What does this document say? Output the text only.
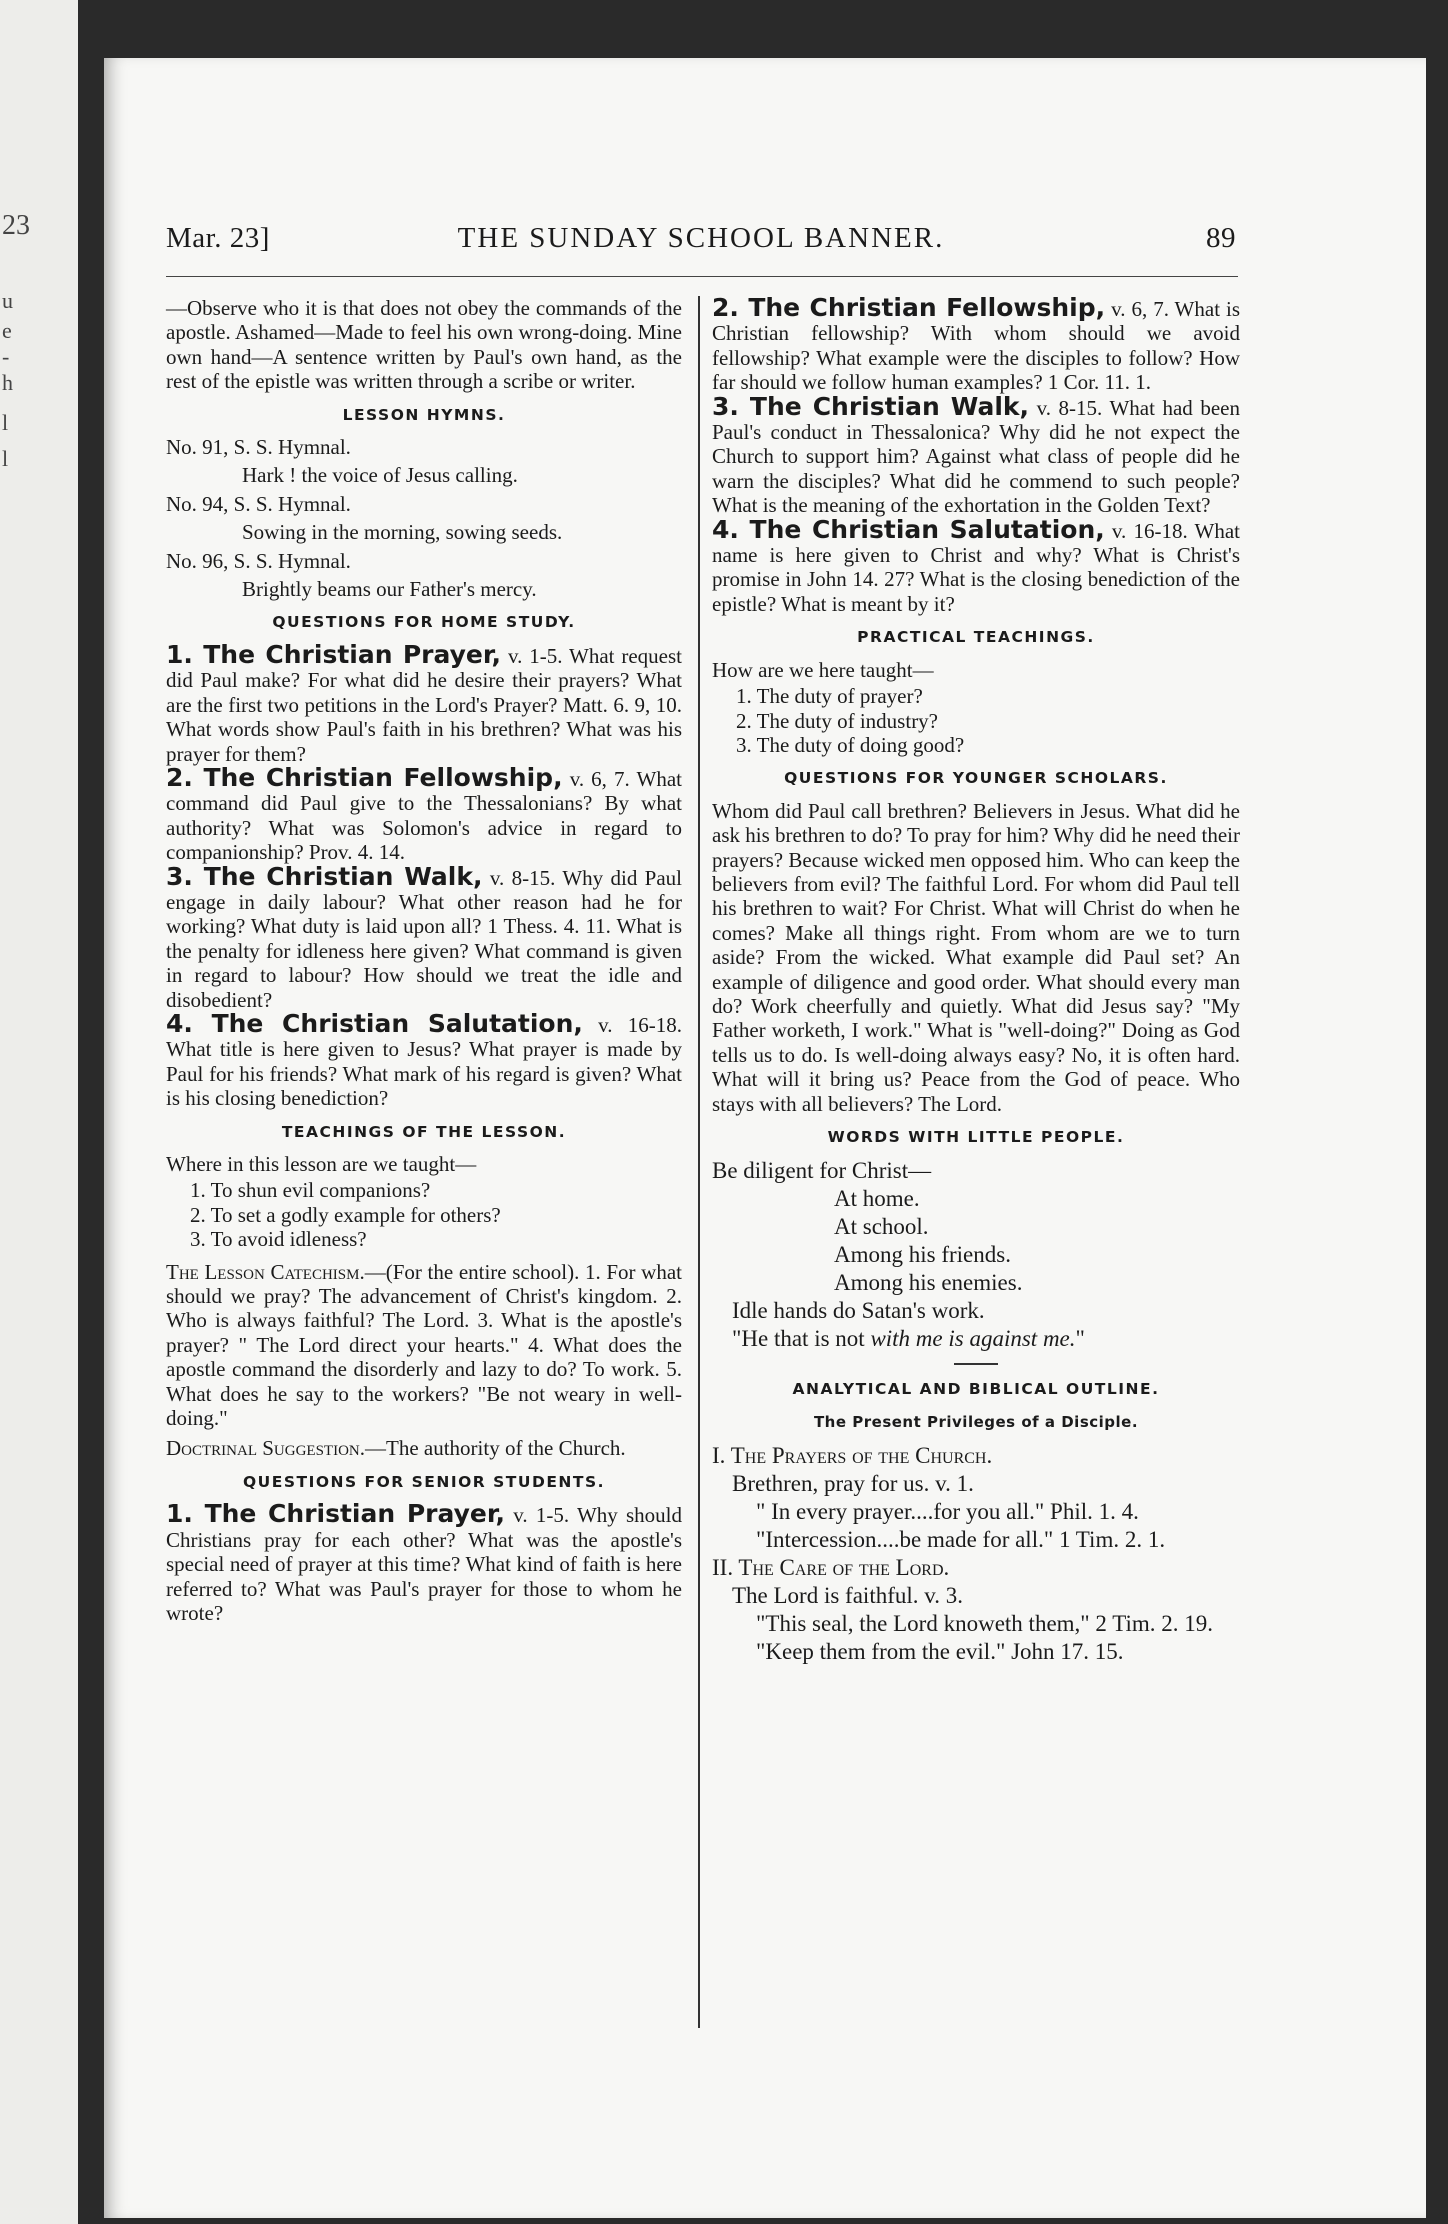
23
u
e
-
h
l
l
Mar. 23]	THE SUNDAY SCHOOL BANNER.	89

—Observe who it is that does not obey the commands of the apostle. Ashamed—Made to feel his own wrong-doing. Mine own hand—A sentence written by Paul's own hand, as the rest of the epistle was written through a scribe or writer.

LESSON HYMNS.

No. 91, S. S. Hymnal.

Hark ! the voice of Jesus calling.

No. 94, S. S. Hymnal.

Sowing in the morning, sowing seeds.

No. 96, S. S. Hymnal.

Brightly beams our Father's mercy.

QUESTIONS FOR HOME STUDY.

1. The Christian Prayer, v. 1-5. What request did Paul make? For what did he desire their prayers? What are the first two petitions in the Lord's Prayer? Matt. 6. 9, 10. What words show Paul's faith in his brethren? What was his prayer for them?

2. The Christian Fellowship, v. 6, 7. What command did Paul give to the Thessalonians? By what authority? What was Solomon's advice in regard to companionship? Prov. 4. 14.

3. The Christian Walk, v. 8-15. Why did Paul engage in daily labour? What other reason had he for working? What duty is laid upon all? 1 Thess. 4. 11. What is the penalty for idleness here given? What command is given in regard to labour? How should we treat the idle and disobedient?

4. The Christian Salutation, v. 16-18. What title is here given to Jesus? What prayer is made by Paul for his friends? What mark of his regard is given? What is his closing benediction?

TEACHINGS OF THE LESSON.

Where in this lesson are we taught—

1. To shun evil companions?
2. To set a godly example for others?
3. To avoid idleness?

The Lesson Catechism.—(For the entire school). 1. For what should we pray? The advancement of Christ's kingdom. 2. Who is always faithful? The Lord. 3. What is the apostle's prayer? " The Lord direct your hearts." 4. What does the apostle command the disorderly and lazy to do? To work. 5. What does he say to the workers? "Be not weary in well-doing."

Doctrinal Suggestion.—The authority of the Church.

QUESTIONS FOR SENIOR STUDENTS.

1. The Christian Prayer, v. 1-5. Why should Christians pray for each other? What was the apostle's special need of prayer at this time? What kind of faith is here referred to? What was Paul's prayer for those to whom he wrote?

2. The Christian Fellowship, v. 6, 7. What is Christian fellowship? With whom should we avoid fellowship? What example were the disciples to follow? How far should we follow human examples? 1 Cor. 11. 1.

3. The Christian Walk, v. 8-15. What had been Paul's conduct in Thessalonica? Why did he not expect the Church to support him? Against what class of people did he warn the disciples? What did he commend to such people? What is the meaning of the exhortation in the Golden Text?

4. The Christian Salutation, v. 16-18. What name is here given to Christ and why? What is Christ's promise in John 14. 27? What is the closing benediction of the epistle? What is meant by it?

PRACTICAL TEACHINGS.

How are we here taught—

1. The duty of prayer?
2. The duty of industry?
3. The duty of doing good?
QUESTIONS FOR YOUNGER SCHOLARS.

Whom did Paul call brethren? Believers in Jesus. What did he ask his brethren to do? To pray for him? Why did he need their prayers? Because wicked men opposed him. Who can keep the believers from evil? The faithful Lord. For whom did Paul tell his brethren to wait? For Christ. What will Christ do when he comes? Make all things right. From whom are we to turn aside? From the wicked. What example did Paul set? An example of diligence and good order. What should every man do? Work cheerfully and quietly. What did Jesus say? "My Father worketh, I work." What is "well-doing?" Doing as God tells us to do. Is well-doing always easy? No, it is often hard. What will it bring us? Peace from the God of peace. Who stays with all believers? The Lord.

WORDS WITH LITTLE PEOPLE.

Be diligent for Christ—

At home.

At school.

Among his friends.

Among his enemies.

Idle hands do Satan's work.

"He that is not with me is against me."

ANALYTICAL AND BIBLICAL OUTLINE.
The Present Privileges of a Disciple.

I. The Prayers of the Church.

Brethren, pray for us. v. 1.

" In every prayer....for you all." Phil. 1. 4.

"Intercession....be made for all." 1 Tim. 2. 1.

II. The Care of the Lord.

The Lord is faithful. v. 3.

"This seal, the Lord knoweth them," 2 Tim. 2. 19.

"Keep them from the evil." John 17. 15.
